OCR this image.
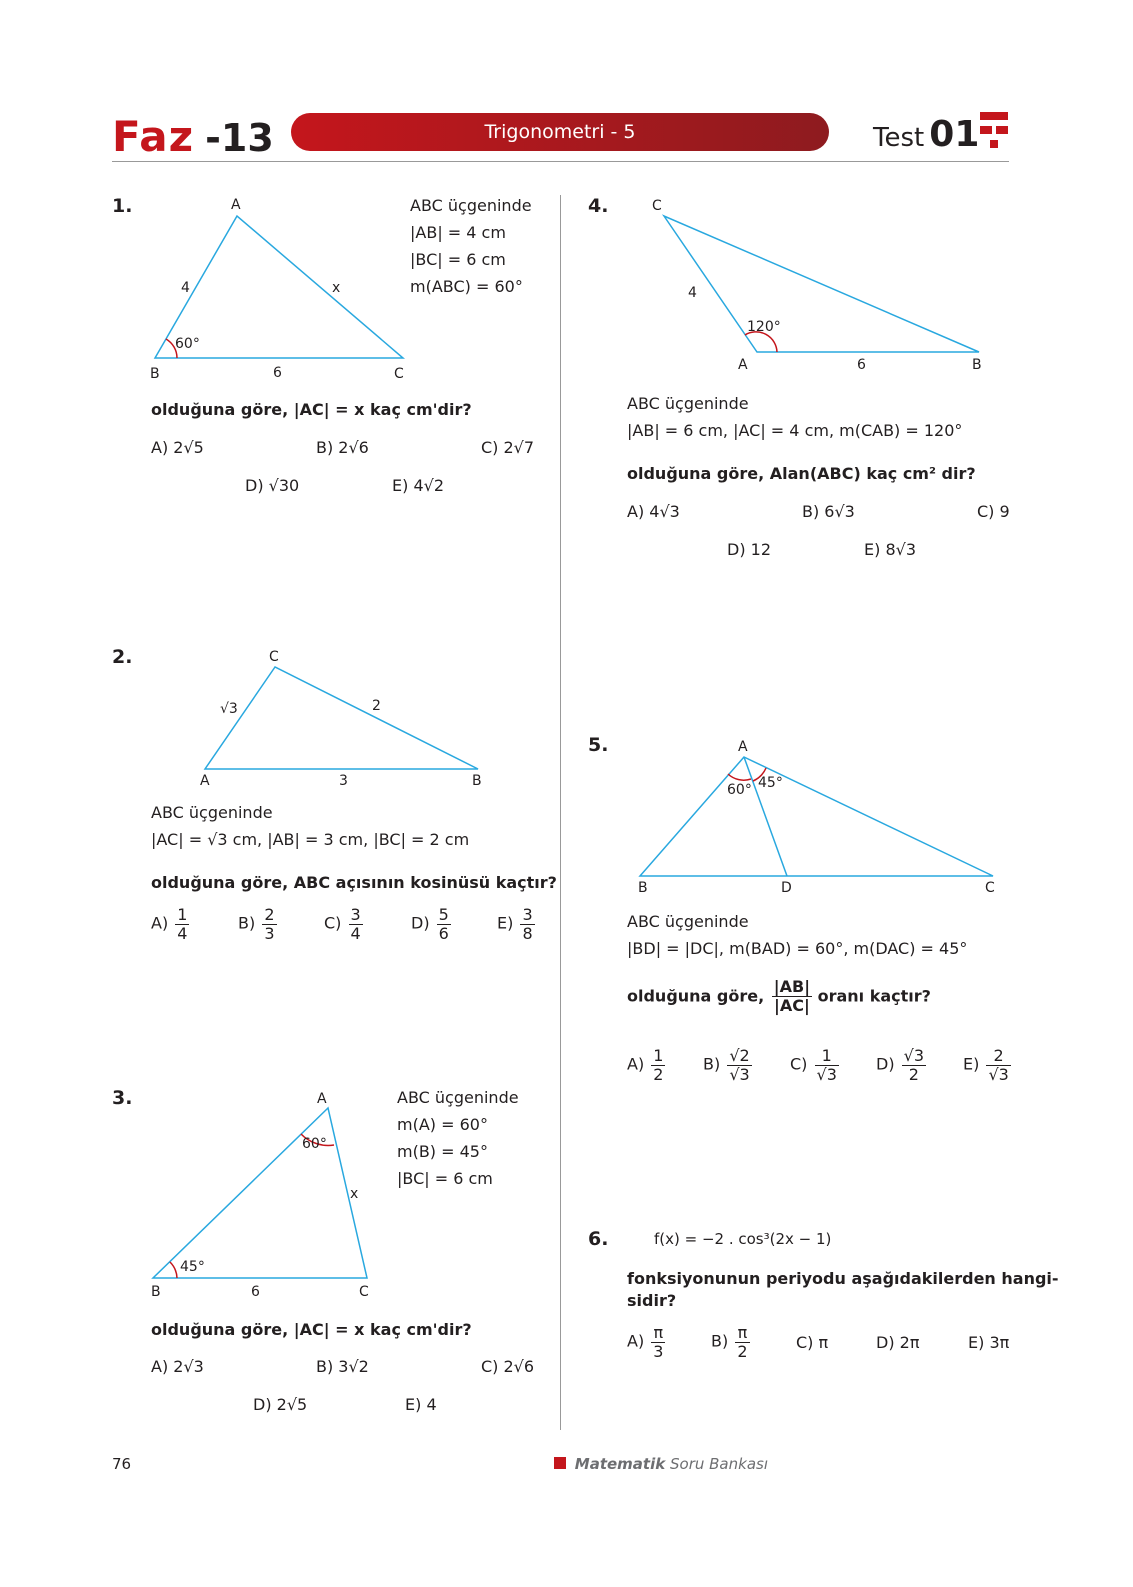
Faz -13	Trigonometri - 5	Test 01
1.	A
B	C
4	x
6
60°
ABC üçgeninde
|AB| = 4 cm
|BC| = 6 cm
m(ABC) = 60°
olduğuna göre, |AC| = x kaç cm'dir?
A) 2√5	B) 2√6	C) 2√7
D) √30	E) 4√2
2.	C
A	B
√3	2
3
ABC üçgeninde
|AC| = √3 cm, |AB| = 3 cm, |BC| = 2 cm
olduğuna göre, ABC açısının kosinüsü kaçtır?
$A) \frac{1}{4}$	$B) \frac{2}{3}$	$C) \frac{3}{4}$	$D) \frac{5}{6}$	$E) \frac{3}{8}$
3.	A
B	C
60°
45°
x
6
ABC üçgeninde
m(A) = 60°
m(B) = 45°
|BC| = 6 cm
olduğuna göre, |AC| = x kaç cm'dir?
A) 2√3	B) 3√2	C) 2√6
D) 2√5	E) 4
4.	C
A	B
4
6
120°
ABC üçgeninde
|AB| = 6 cm, |AC| = 4 cm, m(CAB) = 120°
olduğuna göre, Alan(ABC) kaç cm² dir?
A) 4√3	B) 6√3	C) 9
D) 12	E) 8√3
5.	A
B	D	C
60° 45°
ABC üçgeninde
|BD| = |DC|, m(BAD) = 60°, m(DAC) = 45°
olduğuna göre, $\frac{|AB|}{|AC|}$ oranı kaçtır?
$A) \frac{1}{2} B) \frac{√2}{√3} C) \frac{1}{√3} D) \frac{√3}{2} E) \frac{2}{√3}$
6.	f(x) = −2 . cos³(2x − 1)
fonksiyonunun periyodu aşağıdakilerden hangi-
sidir?
$A) \frac{\pi}{3}$	$B) \frac{\pi}{2}$	C) π	D) 2π	E) 3π
76	Matematik Soru Bankası
